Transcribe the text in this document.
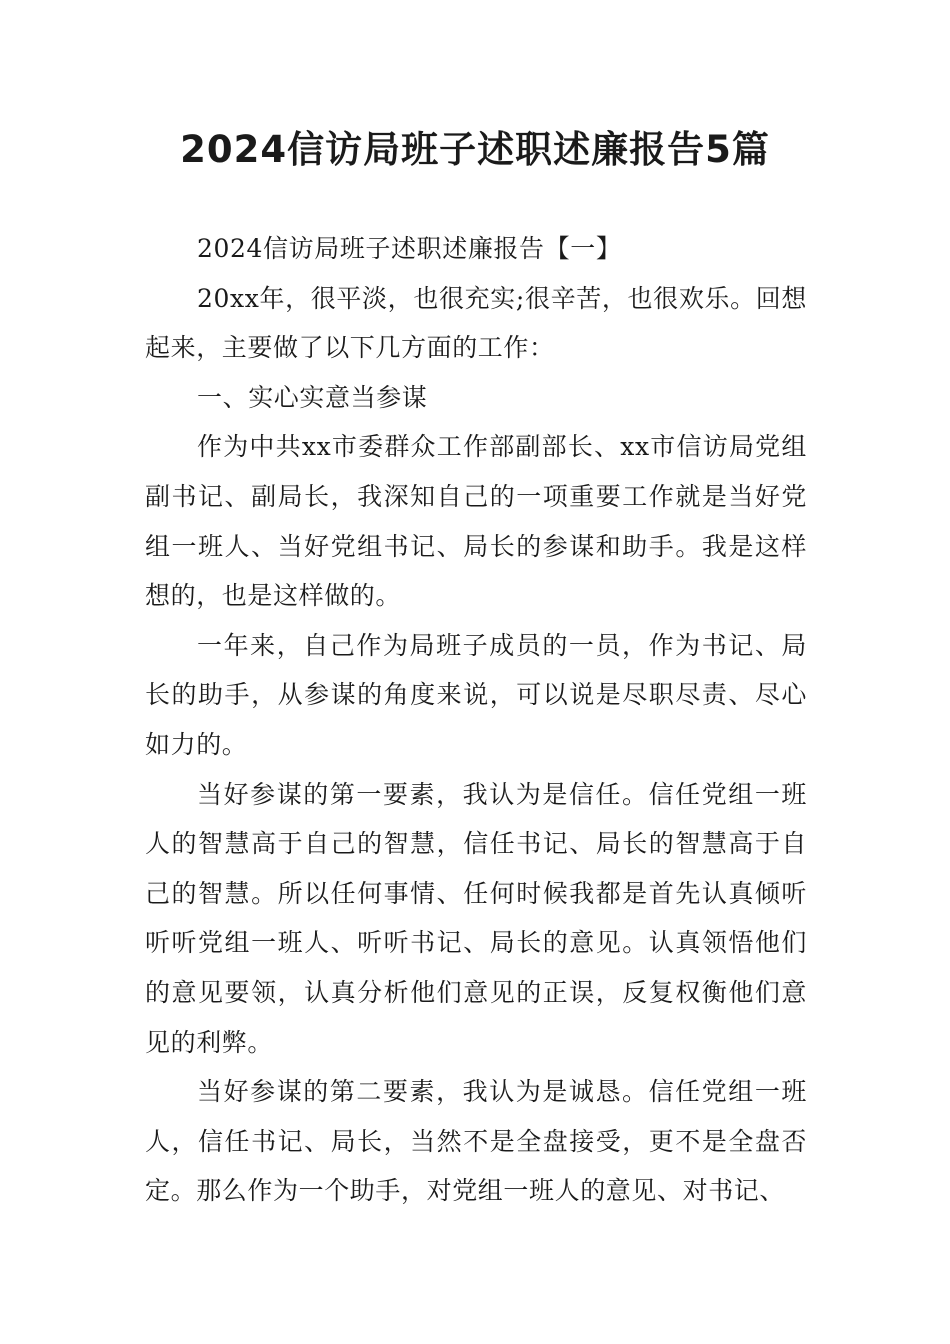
2024信访局班子述职述廉报告5篇

2024信访局班子述职述廉报告【一】

20xx年，很平淡，也很充实;很辛苦，也很欢乐。回想起来，主要做了以下几方面的工作：

一、实心实意当参谋

作为中共xx市委群众工作部副部长、xx市信访局党组副书记、副局长，我深知自己的一项重要工作就是当好党组一班人、当好党组书记、局长的参谋和助手。我是这样想的，也是这样做的。

一年来，自己作为局班子成员的一员，作为书记、局长的助手，从参谋的角度来说，可以说是尽职尽责、尽心如力的。

当好参谋的第一要素，我认为是信任。信任党组一班人的智慧高于自己的智慧，信任书记、局长的智慧高于自己的智慧。所以任何事情、任何时候我都是首先认真倾听听听党组一班人、听听书记、局长的意见。认真领悟他们的意见要领，认真分析他们意见的正误，反复权衡他们意见的利弊。

当好参谋的第二要素，我认为是诚恳。信任党组一班人，信任书记、局长，当然不是全盘接受，更不是全盘否定。那么作为一个助手，对党组一班人的意见、对书记、
